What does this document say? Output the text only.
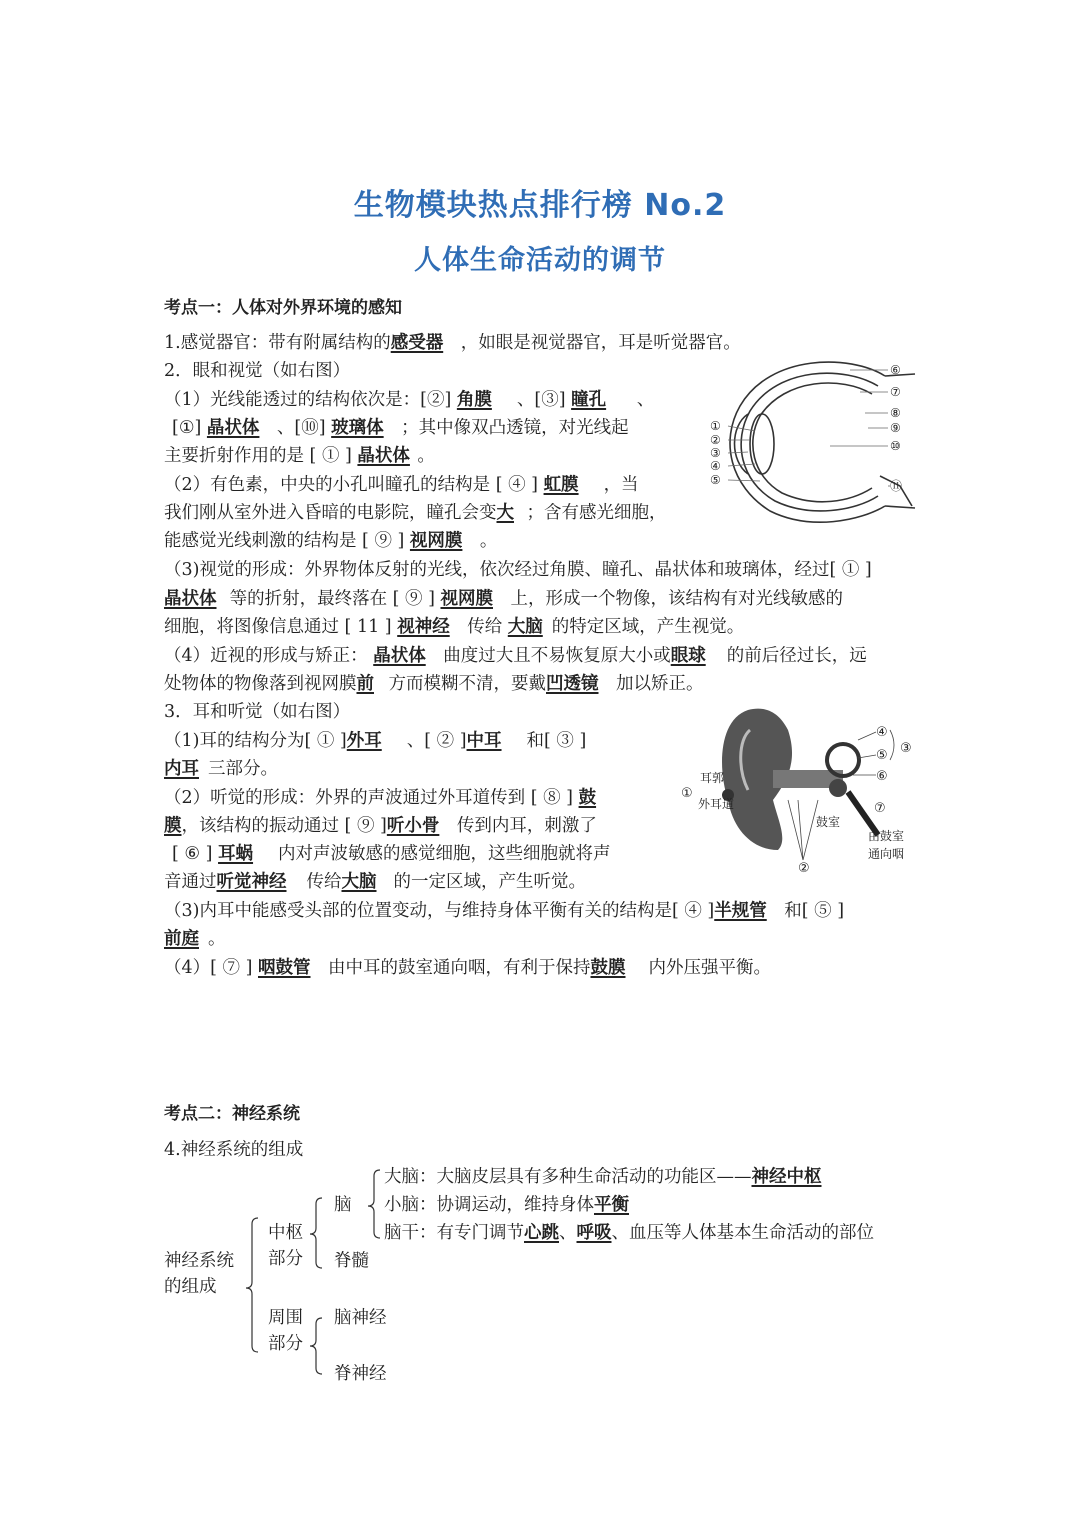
生物模块热点排行榜 No.2
人体生命活动的调节
考点一：人体对外界环境的感知
1.感觉器官：带有附属结构的感受器 ，如眼是视觉器官，耳是听觉器官。
2．眼和视觉（如右图）
（1）光线能透过的结构依次是：[②] 角膜 、[③] 瞳孔 、
[①] 晶状体 、[⑩] 玻璃体 ；其中像双凸透镜，对光线起
主要折射作用的是 [ ① ] 晶状体 。
（2）有色素，中央的小孔叫瞳孔的结构是 [ ④ ] 虹膜 ，当
我们刚从室外进入昏暗的电影院，瞳孔会变大 ；含有感光细胞，
能感觉光线刺激的结构是 [ ⑨ ] 视网膜 。
（3)视觉的形成：外界物体反射的光线，依次经过角膜、瞳孔、晶状体和玻璃体，经过[ ① ]
晶状体 等的折射，最终落在 [ ⑨ ] 视网膜 上，形成一个物像，该结构有对光线敏感的
细胞，将图像信息通过 [ 11 ] 视神经 传给 大脑 的特定区域，产生视觉。
（4）近视的形成与矫正： 晶状体 曲度过大且不易恢复原大小或眼球 的前后径过长，远
处物体的物像落到视网膜前 方而模糊不清，要戴凹透镜 加以矫正。
3．耳和听觉（如右图）
（1)耳的结构分为[ ① ]外耳 、[ ② ]中耳 和[ ③ ]
内耳 三部分。
（2）听觉的形成：外界的声波通过外耳道传到 [ ⑧ ] 鼓
膜，该结构的振动通过 [ ⑨ ]听小骨 传到内耳，刺激了
[ ⑥ ] 耳蜗 内对声波敏感的感觉细胞，这些细胞就将声
音通过听觉神经 传给大脑 的一定区域，产生听觉。
（3)内耳中能感受头部的位置变动，与维持身体平衡有关的结构是[ ④ ]半规管 和[ ⑤ ]
前庭 。
（4）[ ⑦ ] 咽鼓管 由中耳的鼓室通向咽，有利于保持鼓膜 内外压强平衡。
①
②
③
④
⑤
⑥
⑦
⑧
⑨
⑩
⑪
①
②
③
④
⑤
⑥
⑦
耳郭
外耳道
鼓室
由鼓室
通向咽
考点二：神经系统
4.神经系统的组成
神经系统
的组成
中枢
部分
周围
部分
脑
脊髓
脑神经
脊神经
大脑：大脑皮层具有多种生命活动的功能区——神经中枢
小脑：协调运动，维持身体平衡
脑干：有专门调节心跳、呼吸、血压等人体基本生命活动的部位
